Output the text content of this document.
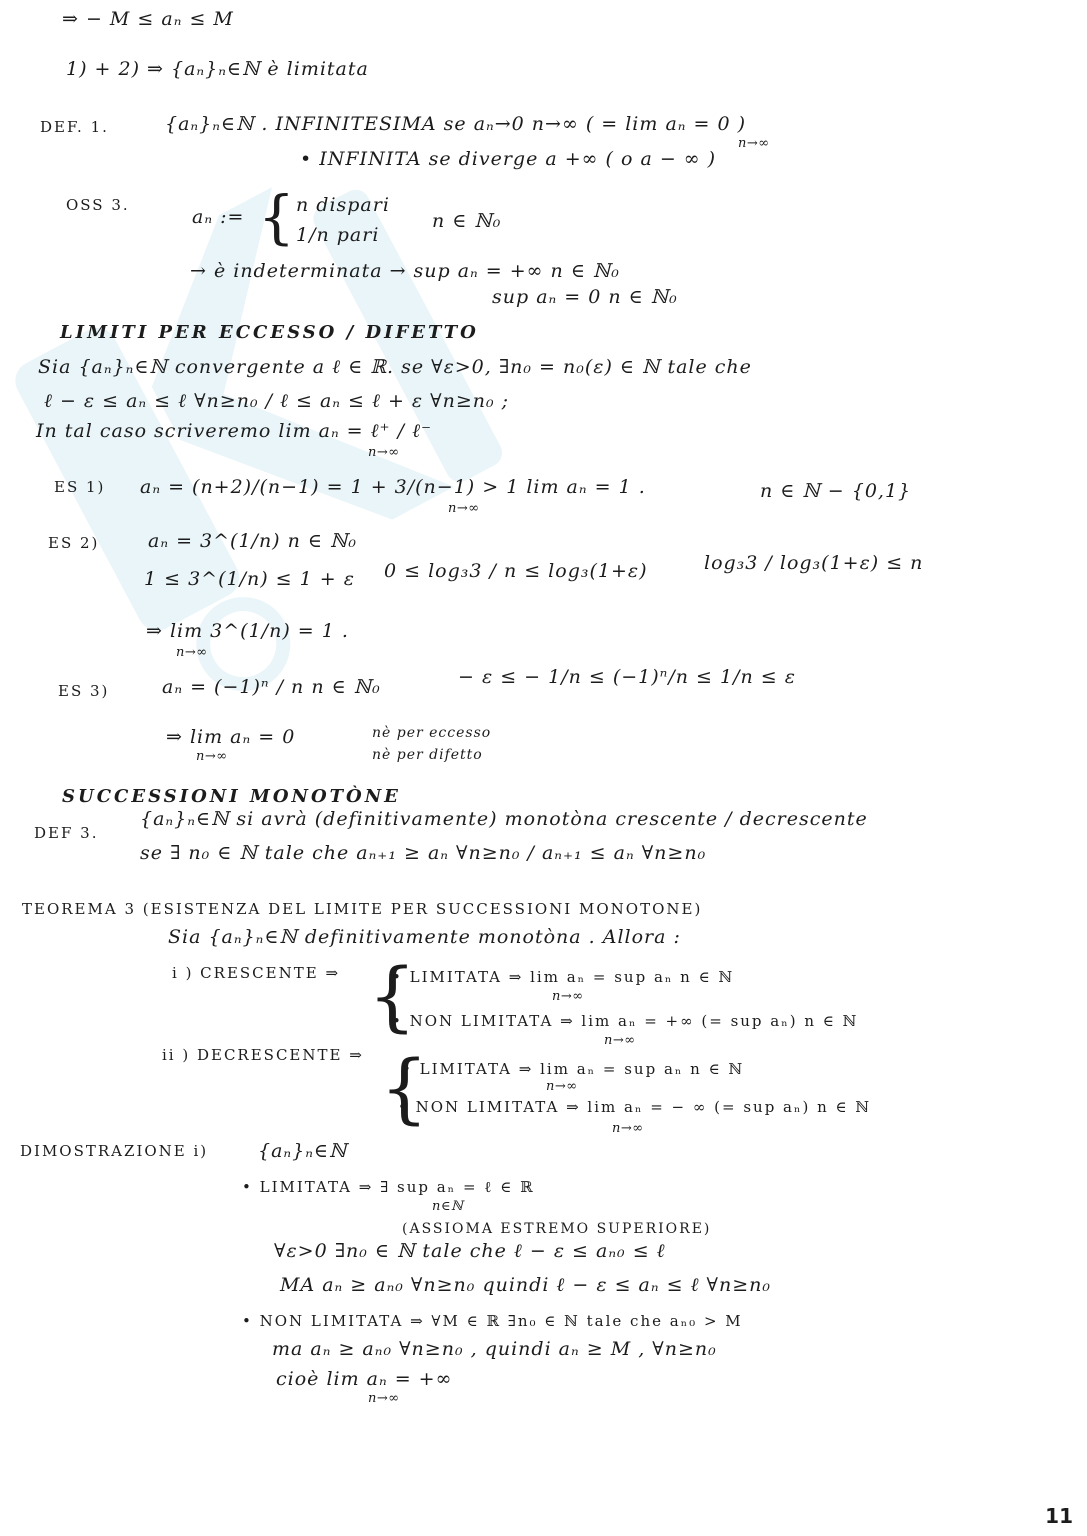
⇒ − M ≤ aₙ ≤ M
1) + 2) ⇒ {aₙ}ₙ∈ℕ è limitata
DEF. 1.	{aₙ}ₙ∈ℕ . INFINITESIMA se aₙ→0 n→∞ ( = lim aₙ = 0 )
n→∞
• INFINITA se diverge a +∞ ( o a − ∞ )
OSS 3.
aₙ := { n dispari
1/n pari
n ∈ ℕ₀
→ è indeterminata → sup aₙ = +∞ n ∈ ℕ₀
sup aₙ = 0 n ∈ ℕ₀
LIMITI PER ECCESSO / DIFETTO
Sia {aₙ}ₙ∈ℕ convergente a ℓ ∈ ℝ. se ∀ε>0, ∃n₀ = n₀(ε) ∈ ℕ tale che
ℓ − ε ≤ aₙ ≤ ℓ ∀n≥n₀ / ℓ ≤ aₙ ≤ ℓ + ε ∀n≥n₀ ;
In tal caso scriveremo lim aₙ = ℓ⁺ / ℓ⁻
n→∞
ES 1) aₙ = (n+2)/(n−1) = 1 + 3/(n−1) > 1 lim aₙ = 1 .
n→∞
n ∈ ℕ − {0,1}
ES 2)	aₙ = 3^(1/n) n ∈ ℕ₀
1 ≤ 3^(1/n) ≤ 1 + ε 0 ≤ log₃3 / n ≤ log₃(1+ε)	log₃3 / log₃(1+ε) ≤ n
⇒ lim 3^(1/n) = 1 .
n→∞
ES 3)	aₙ = (−1)ⁿ / n n ∈ ℕ₀	− ε ≤ − 1/n ≤ (−1)ⁿ/n ≤ 1/n ≤ ε
⇒ lim aₙ = 0
n→∞
nè per eccesso
nè per difetto
SUCCESSIONI MONOTÒNE
DEF 3.
{aₙ}ₙ∈ℕ si avrà (definitivamente) monotòna crescente / decrescente
se ∃ n₀ ∈ ℕ tale che aₙ₊₁ ≥ aₙ ∀n≥n₀ / aₙ₊₁ ≤ aₙ ∀n≥n₀
TEOREMA 3 (ESISTENZA DEL LIMITE PER SUCCESSIONI MONOTONE)
Sia {aₙ}ₙ∈ℕ definitivamente monotòna . Allora :
i ) CRESCENTE ⇒ {
• LIMITATA ⇒ lim aₙ = sup aₙ n ∈ ℕ
n→∞
• NON LIMITATA ⇒ lim aₙ = +∞ (= sup aₙ) n ∈ ℕ
n→∞
ii ) DECRESCENTE ⇒ {
• LIMITATA ⇒ lim aₙ = sup aₙ n ∈ ℕ
n→∞
• NON LIMITATA ⇒ lim aₙ = − ∞ (= sup aₙ) n ∈ ℕ
n→∞
DIMOSTRAZIONE i)	{aₙ}ₙ∈ℕ
• LIMITATA ⇒ ∃ sup aₙ = ℓ ∈ ℝ
n∈ℕ
(ASSIOMA ESTREMO SUPERIORE)
∀ε>0 ∃n₀ ∈ ℕ tale che ℓ − ε ≤ aₙ₀ ≤ ℓ
MA aₙ ≥ aₙ₀ ∀n≥n₀ quindi ℓ − ε ≤ aₙ ≤ ℓ ∀n≥n₀
• NON LIMITATA ⇒ ∀M ∈ ℝ ∃n₀ ∈ ℕ tale che aₙ₀ > M
ma aₙ ≥ aₙ₀ ∀n≥n₀ , quindi aₙ ≥ M , ∀n≥n₀
cioè lim aₙ = +∞
n→∞
11
